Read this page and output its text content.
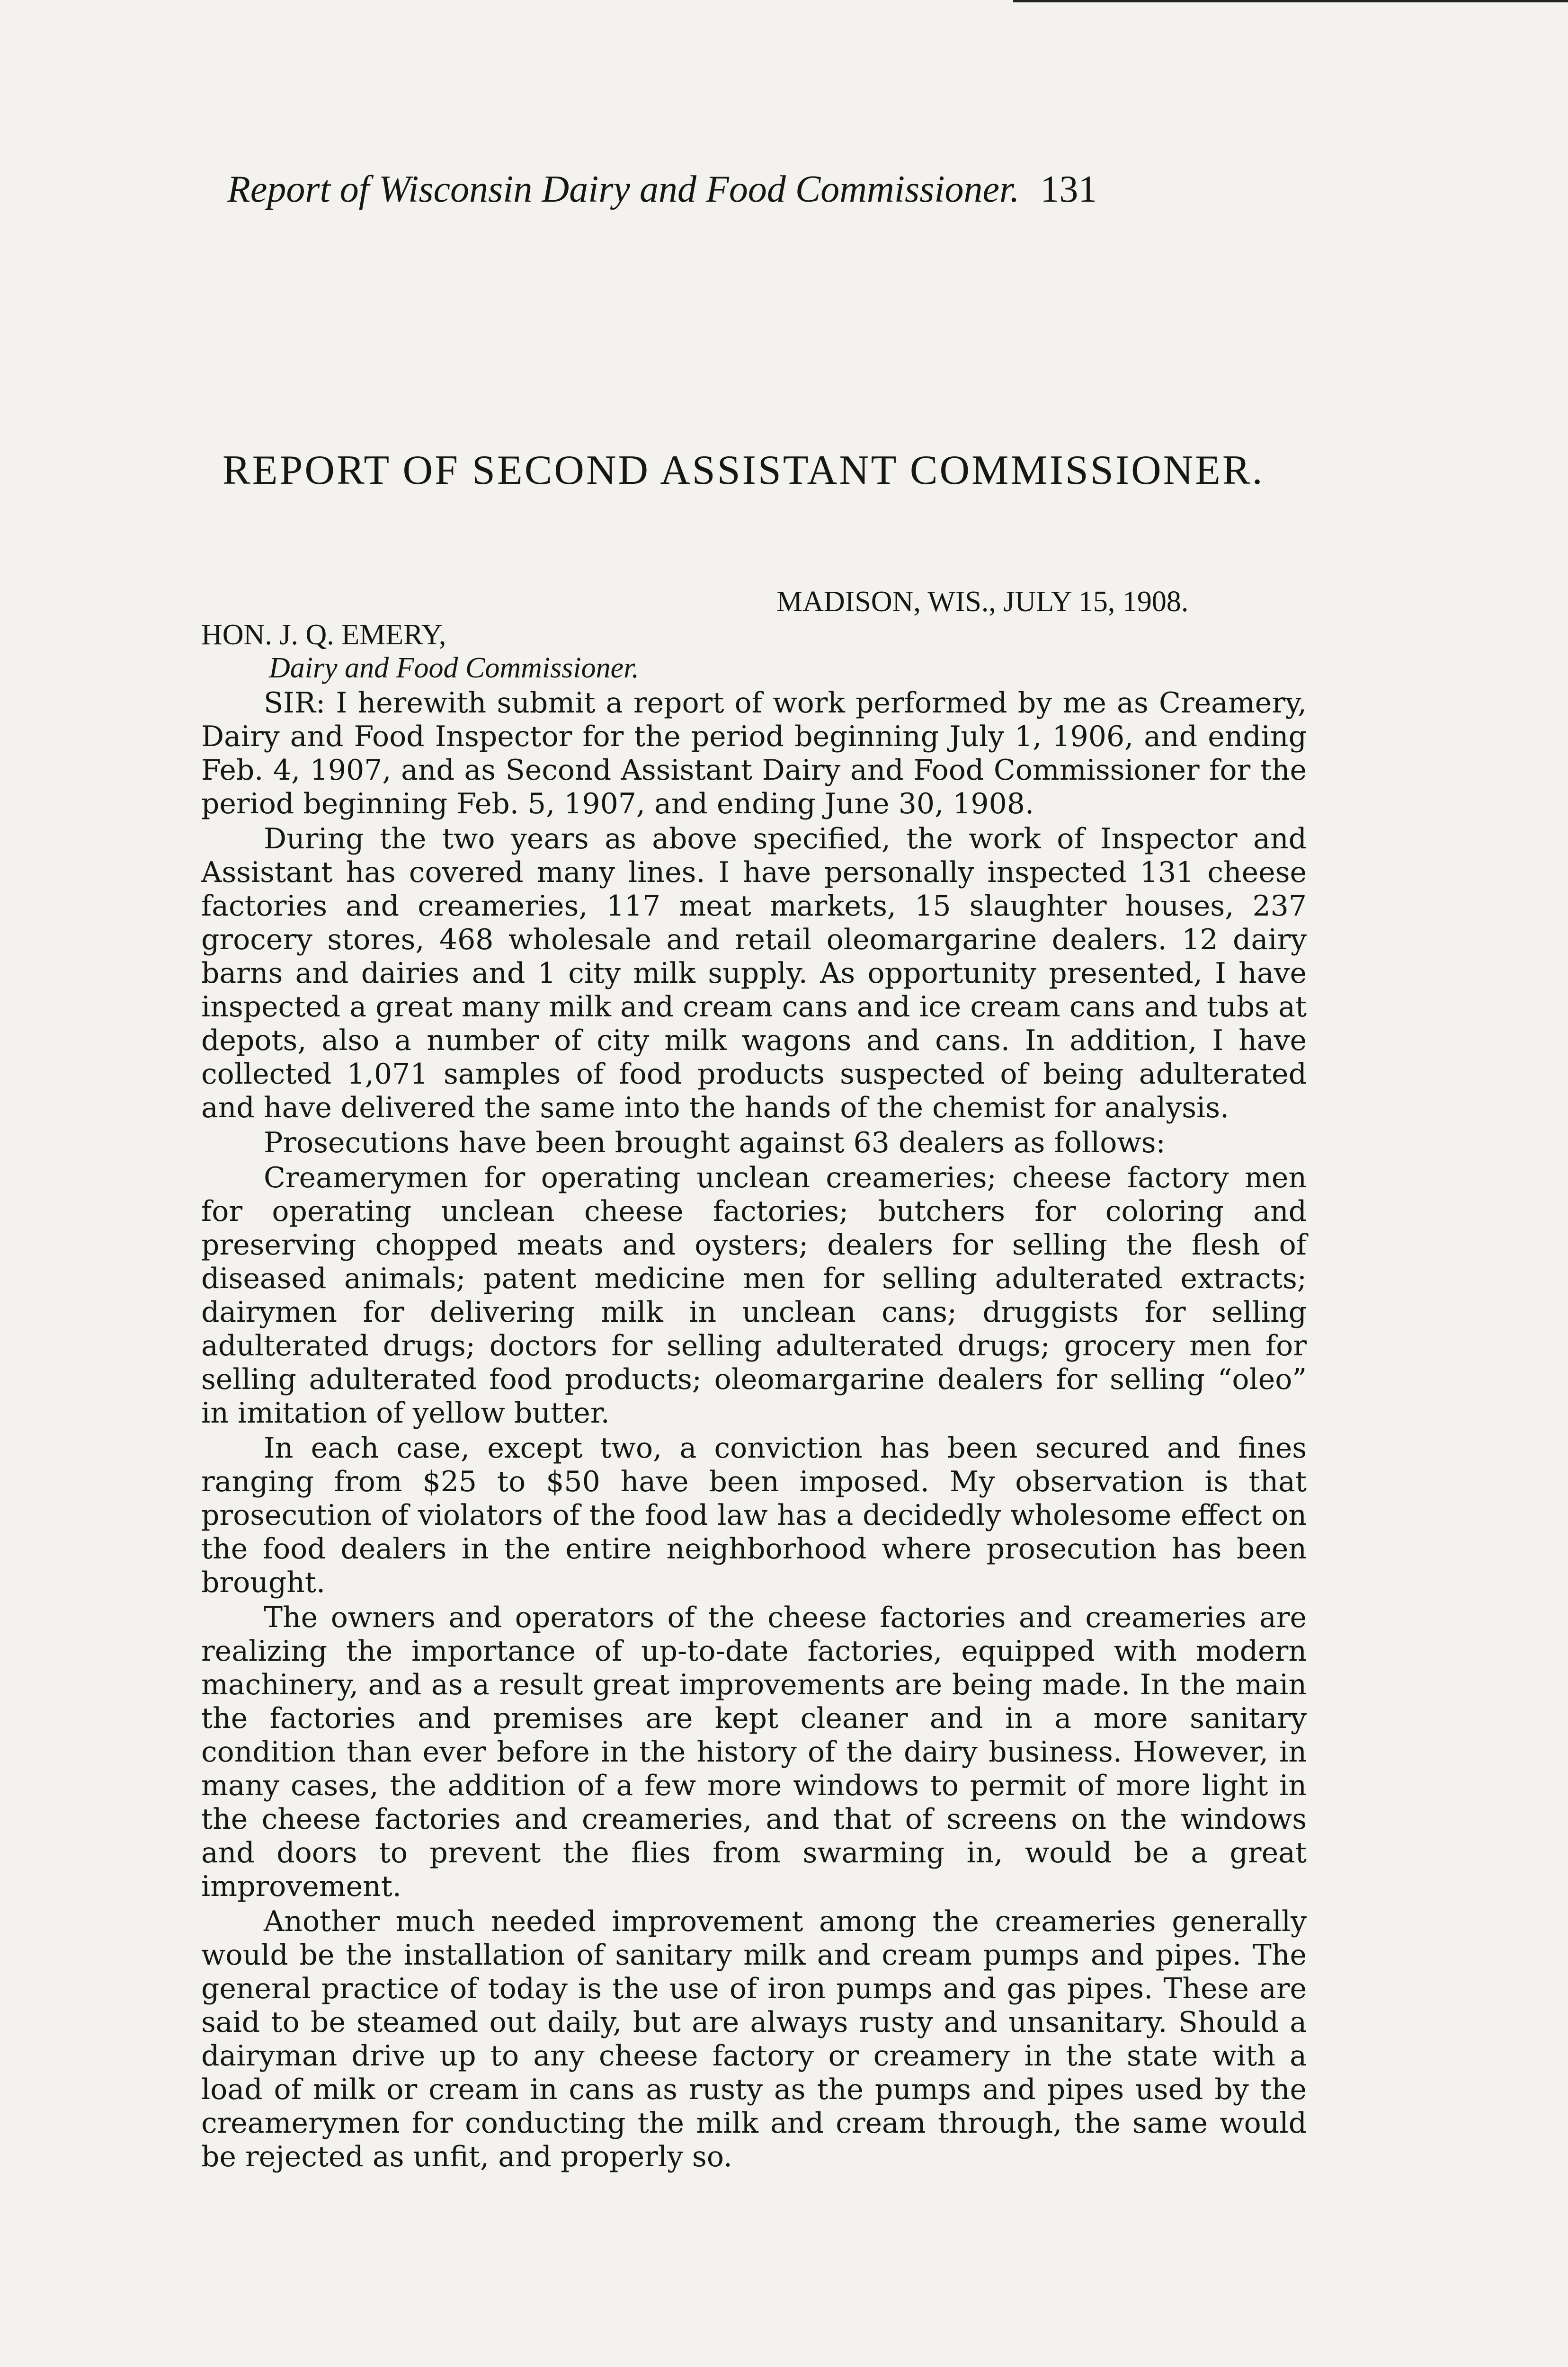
Report of Wisconsin Dairy and Food Commissioner. 131
REPORT OF SECOND ASSISTANT COMMISSIONER.
MADISON, WIS., JULY 15, 1908.
HON. J. Q. EMERY,
Dairy and Food Commissioner.

SIR: I herewith submit a report of work performed by me as Creamery, Dairy and Food Inspector for the period beginning July 1, 1906, and ending Feb. 4, 1907, and as Second Assistant Dairy and Food Commissioner for the period beginning Feb. 5, 1907, and ending June 30, 1908.

During the two years as above specified, the work of Inspector and Assistant has covered many lines. I have personally inspected 131 cheese factories and creameries, 117 meat markets, 15 slaughter houses, 237 grocery stores, 468 wholesale and retail oleomargarine dealers. 12 dairy barns and dairies and 1 city milk supply. As opportunity presented, I have inspected a great many milk and cream cans and ice cream cans and tubs at depots, also a number of city milk wagons and cans. In addition, I have collected 1,071 samples of food products suspected of being adulterated and have delivered the same into the hands of the chemist for analysis.

Prosecutions have been brought against 63 dealers as follows:

Creamerymen for operating unclean creameries; cheese factory men for operating unclean cheese factories; butchers for coloring and preserving chopped meats and oysters; dealers for selling the flesh of diseased animals; patent medicine men for selling adulterated extracts; dairymen for delivering milk in unclean cans; druggists for selling adulterated drugs; doctors for selling adulterated drugs; grocery men for selling adulterated food products; oleomargarine dealers for selling “oleo” in imitation of yellow butter.

In each case, except two, a conviction has been secured and fines ranging from $25 to $50 have been imposed. My observation is that prosecution of violators of the food law has a decidedly wholesome effect on the food dealers in the entire neighborhood where prosecution has been brought.

The owners and operators of the cheese factories and creameries are realizing the importance of up-to-date factories, equipped with modern machinery, and as a result great improvements are being made. In the main the factories and premises are kept cleaner and in a more sanitary condition than ever before in the history of the dairy business. However, in many cases, the addition of a few more windows to permit of more light in the cheese factories and creameries, and that of screens on the windows and doors to prevent the flies from swarming in, would be a great improvement.

Another much needed improvement among the creameries generally would be the installation of sanitary milk and cream pumps and pipes. The general practice of today is the use of iron pumps and gas pipes. These are said to be steamed out daily, but are always rusty and unsanitary. Should a dairyman drive up to any cheese factory or creamery in the state with a load of milk or cream in cans as rusty as the pumps and pipes used by the creamerymen for conducting the milk and cream through, the same would be rejected as unfit, and properly so.
